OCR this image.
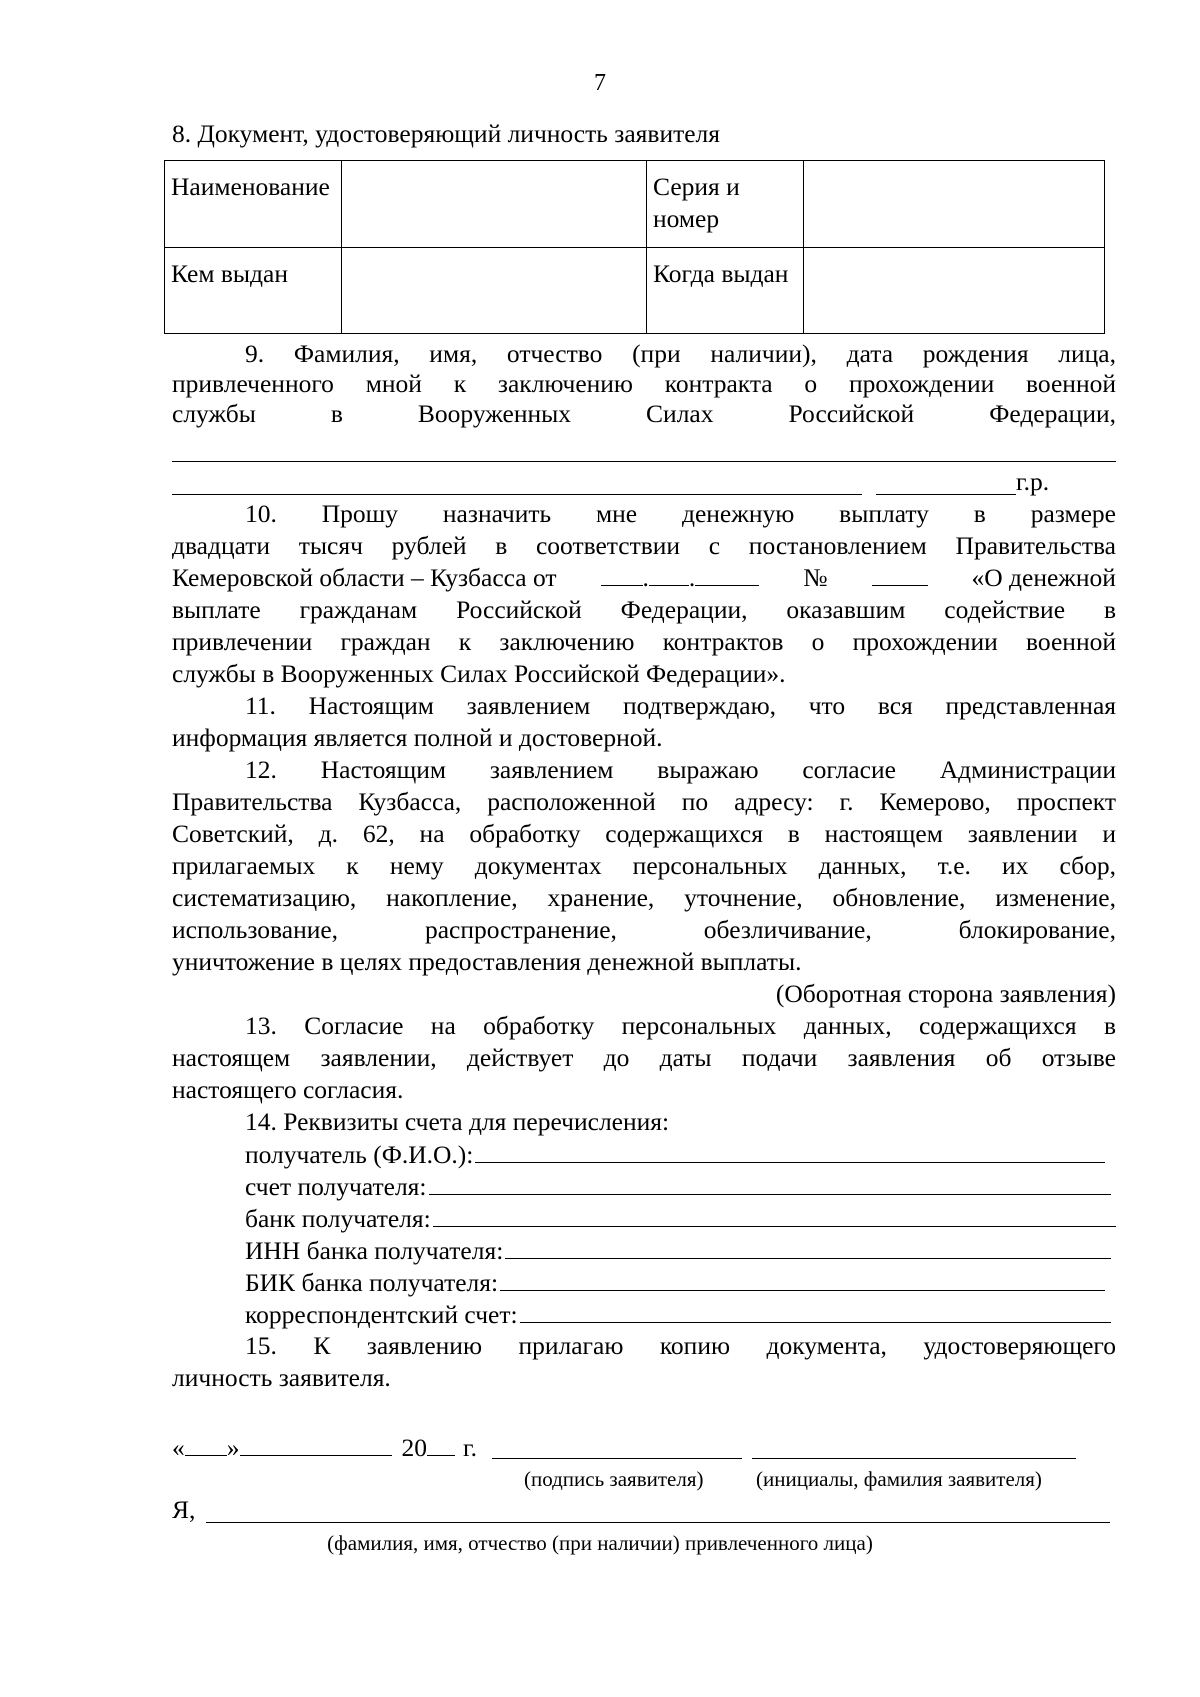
7
8. Документ, удостоверяющий личность заявителя
Наименование		Серия и
номер	

Кем выдан		Когда выдан	
9. Фамилия, имя, отчество (при наличии), дата рождения лица,
привлеченного мной к заключению контракта о прохождении военной
службы в Вооруженных Силах Российской Федерации,
г.р.
10. Прошу назначить мне денежную выплату в размере
двадцати тысяч рублей в соответствии с постановлением Правительства
Кемеровской области – Кузбасса от	. .	№	«О денежной
выплате гражданам Российской Федерации, оказавшим содействие в
привлечении граждан к заключению контрактов о прохождении военной
службы в Вооруженных Силах Российской Федерации».
11. Настоящим заявлением подтверждаю, что вся представленная
информация является полной и достоверной.
12. Настоящим заявлением выражаю согласие Администрации
Правительства Кузбасса, расположенной по адресу: г. Кемерово, проспект
Советский, д. 62, на обработку содержащихся в настоящем заявлении и
прилагаемых к нему документах персональных данных, т.е. их сбор,
систематизацию, накопление, хранение, уточнение, обновление, изменение,
использование, распространение, обезличивание, блокирование,
уничтожение в целях предоставления денежной выплаты.
(Оборотная сторона заявления)
13. Согласие на обработку персональных данных, содержащихся в
настоящем заявлении, действует до даты подачи заявления об отзыве
настоящего согласия.
14. Реквизиты счета для перечисления:
получатель (Ф.И.О.):
счет получателя:
банк получателя:
ИНН банка получателя:
БИК банка получателя:
корреспондентский счет:
15. К заявлению прилагаю копию документа, удостоверяющего
личность заявителя.
« »	20 г.
(подпись заявителя)	(инициалы, фамилия заявителя)
Я,
(фамилия, имя, отчество (при наличии) привлеченного лица)
